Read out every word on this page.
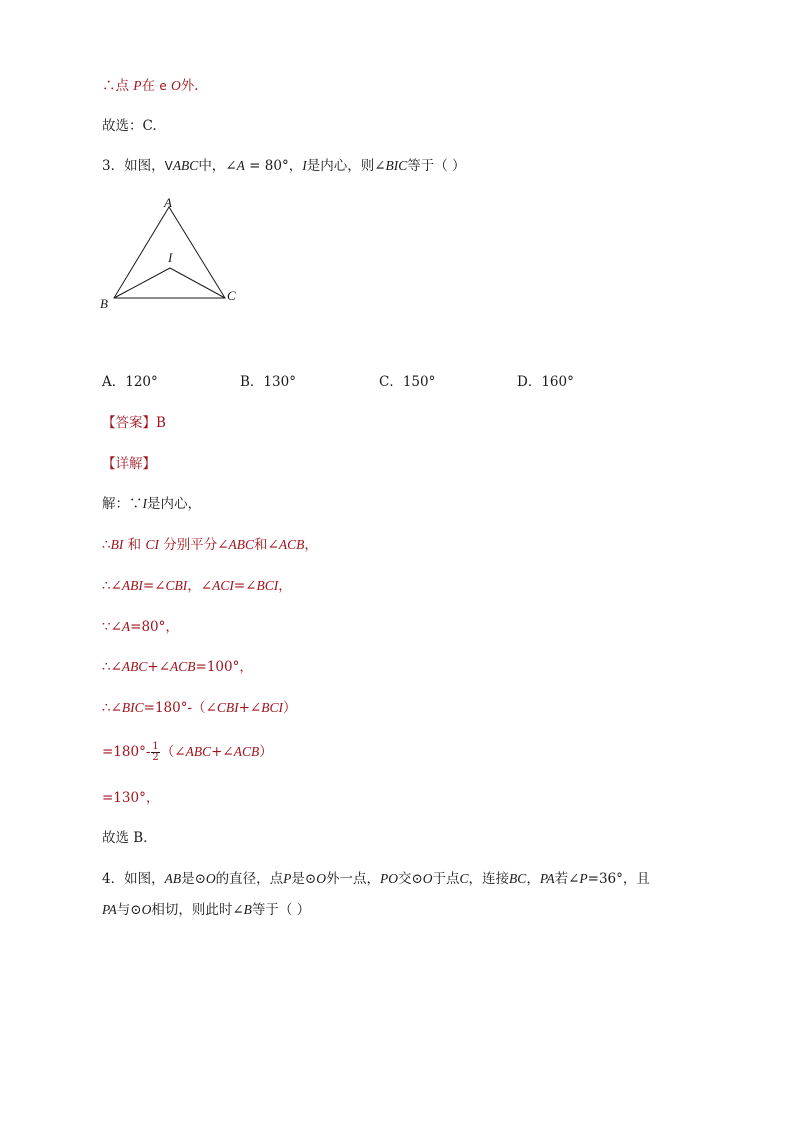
∴点 P在 e O外.
故选：C.
3．如图，VABC中，∠A = 80°，I是内心，则∠BIC等于（ ）
A
I
B
C
A．120°	B．130°	C．150°	D．160°
【答案】B
【详解】
解：∵I是内心，
∴BI 和 CI 分别平分∠ABC和∠ACB，
∴∠ABI=∠CBI，∠ACI=∠BCI，
∵∠A=80°，
∴∠ABC+∠ACB=100°，
∴∠BIC=180°-（∠CBI+∠BCI）
$=180^\circ- \frac{1}{2}$ （∠ABC+∠ACB）
=130°，
故选 B．
4．如图，AB是⊙O的直径，点P是⊙O外一点，PO交⊙O于点C，连接BC，PA若∠P=36°，且
PA与⊙O相切，则此时∠B等于（ ）
